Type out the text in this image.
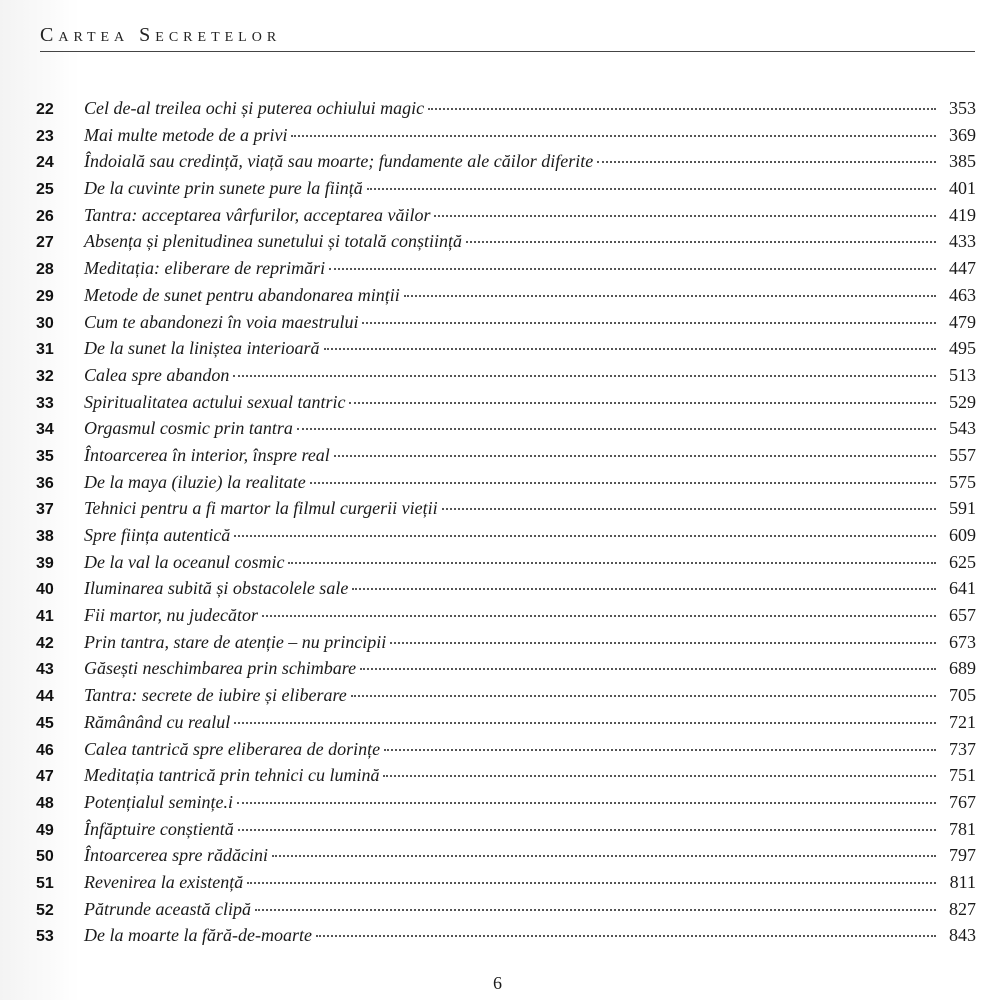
Cartea Secretelor
22	Cel de-al treilea ochi și puterea ochiului magic	353
23	Mai multe metode de a privi	369
24	Îndoială sau credință, viață sau moarte; fundamente ale căilor diferite	385
25	De la cuvinte prin sunete pure la ființă	401
26	Tantra: acceptarea vârfurilor, acceptarea văilor	419
27	Absența și plenitudinea sunetului și totală conștiință	433
28	Meditația: eliberare de reprimări	447
29	Metode de sunet pentru abandonarea minții	463
30	Cum te abandonezi în voia maestrului	479
31	De la sunet la liniștea interioară	495
32	Calea spre abandon	513
33	Spiritualitatea actului sexual tantric	529
34	Orgasmul cosmic prin tantra	543
35	Întoarcerea în interior, înspre real	557
36	De la maya (iluzie) la realitate	575
37	Tehnici pentru a fi martor la filmul curgerii vieții	591
38	Spre ființa autentică	609
39	De la val la oceanul cosmic	625
40	Iluminarea subită și obstacolele sale	641
41	Fii martor, nu judecător	657
42	Prin tantra, stare de atenție – nu principii	673
43	Găsești neschimbarea prin schimbare	689
44	Tantra: secrete de iubire și eliberare	705
45	Rămânând cu realul	721
46	Calea tantrică spre eliberarea de dorințe	737
47	Meditația tantrică prin tehnici cu lumină	751
48	Potențialul semințe.i	767
49	Înfăptuire conștientă	781
50	Întoarcerea spre rădăcini	797
51	Revenirea la existență	811
52	Pătrunde această clipă	827
53	De la moarte la fără-de-moarte	843
6
